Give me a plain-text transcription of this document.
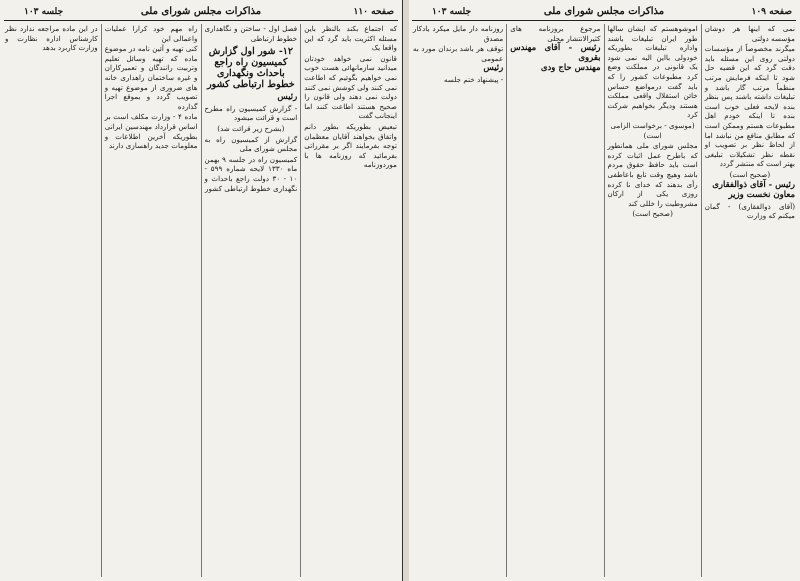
صفحه ۱۱۰
مذاکرات مجلس شورای ملی
جلسه ۱۰۳

که اجتماع بکند بالنظر باین مسئله اکثریت باید گرد که این واقعا یک

قانون نمی خواهد خودتان میدانید سازمانهائی هست خوب نمی خواهیم بگوئیم که اطاعت نمی کنند ولی کوشش نمی کنند دولت نمی دهند ولی قانون را صحیح هستند اطاعت کنند اما اینجانب گفت

تبعیض بطوریکه بطور دانم واتفاق بخواهند آقایان معظمان توجه بفرمایند اگر بر مقرراتی بفرمائید که روزنامه ها با موردوزنامه

فصل اول - ساختن و نگاهداری خطوط ارتباطی

۱۲- شور اول گزارش کمیسیون راه راجع باحداث ونگهداری خطوط ارتباطی کشور

رئیس

- گزارش کمیسیون راه مطرح است و قرائت میشود

(بشرح زیر قرائت شد)

گزارش از کمیسیون راه به مجلس شورای ملی

کمیسیون راه در جلسه ۹ بهمن ماه ۱۳۳۰ لایحه شماره ۵۹۹ - ۱۰ - ۳۰ دولت راجع باحداث و نگهداری خطوط ارتباطی کشور

راه مهم خود کرارا عملیات واعمالی این

کنی تهیه و آئین نامه در موضوع ماده که تهیه وسائل تعلیم وتربیت رانندگان و تعمیرکاران و غیره ساختمان راهداری خانه های ضروری از موضوع تهیه و تصویب گردد و بموقع اجرا گذارده

ماده ۴ - وزارت مکلف است بر اساس قرارداد مهندسین ایرانی بطوریکه آخرین اطلاعات و معلومات جدید راهسازی دارند

در این ماده مراجعه ندارد نظر کارشناس اداره نظارت و وزارت کاربرد بدهد

صفحه ۱۰۹
مذاکرات مجلس شورای ملی
جلسه ۱۰۳

نمی که اینها هر دوشان مؤسسه دولتی

میگرند مخصوصاً از مؤسسات دولتی روی این مسئله باید دقت گرد که این قضیه حل شود تا اینکه فرمایش مرتب منظماً مرتب گار باشد و تبلیغات داشته باشند پس بنظر بنده لایحه فعلی خوب است بنده تا اینکه خودم اهل مطبوعات هستم وممکن است که مطابق منافع من نباشد اما از لحاظ نظر بر تصویب او نقطه نظر تشکیلات تبلیغی بهتر است که منتشر گردد

(صحیح است)

رئیس - آقای ذوالفقاری

معاون نخست وزیر

(آقای ذوالفقاری) - گمان میکنم که وزارت

اموشوهستم که ایشان سالها طور ایران تبلیغات باشند واداره تبلیغات بطوریکه خودولی بااین الیه نمی شود یک قانونی در مملکت وضع کرد مطبوعات کشور را که باید گفت درمواضع حساس خائن استقلال واقعی مملکت هستند ودیگر بخواهیم شرکت کرد

(موسوی - برخواست الزامی است)

مجلس شورای ملی همانطور که باطرح عمل اثبات کرده است باید حافظ حقوق مردم باشد وهیچ وقت تابع باعاطفی رأی بدهند که خدای نا کرده روزی یکی از ارکان مشروطیت را خللی کند

(صحیح است)

مرجوع بروزنامه های کثیرالانتشار محلی

رئیس - آقای مهندس بقروی

مهندس حاج ودی

روزنامه دار مایل میکرد یادکار مصدق

توقف هر باشد برندان مورد به عمومی

رئیس

- پیشنهاد ختم جلسه
